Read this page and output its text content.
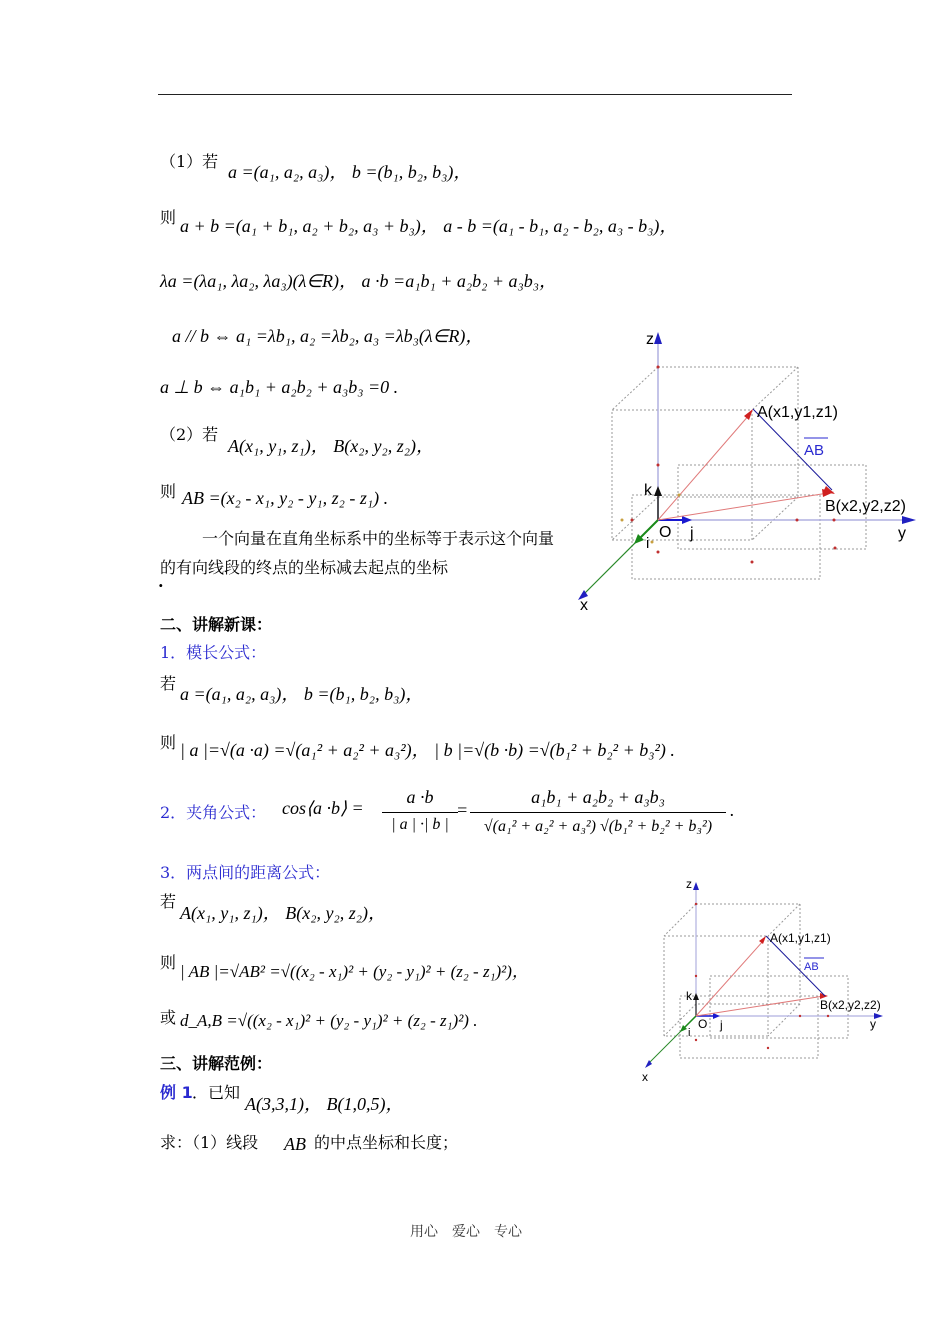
（1）若
a =(a₁, a₂, a₃)， b =(b₁, b₂, b₃)，
则 a + b =(a₁ + b₁, a₂ + b₂, a₃ + b₃)， a - b =(a₁ - b₁, a₂ - b₂, a₃ - b₃)，
λa =(λa₁, λa₂, λa₃)(λ∈R)， a ·b =a₁b₁ + a₂b₂ + a₃b₃，
a // b ⇔ a₁ =λb₁, a₂ =λb₂, a₃ =λb₃(λ∈R)，
a ⊥ b ⇔ a₁b₁ + a₂b₂ + a₃b₃ =0 .
（2）若
A(x₁, y₁, z₁)， B(x₂, y₂, z₂)，
则 AB =(x₂ - x₁, y₂ - y₁, z₂ - z₁) .
一个向量在直角坐标系中的坐标等于表示这个向量的有向线段的终点的坐标减去起点的坐标
.
z
y
x
O
i
j
k
A(x1,y1,z1)
B(x2,y2,z2)
AB
二、讲解新课：
1．模长公式：
若
a =(a₁, a₂, a₃)， b =(b₁, b₂, b₃)，
则 | a |=√(a ·a) =√(a₁² + a₂² + a₃²)， | b |=√(b ·b) =√(b₁² + b₂² + b₃²) .
2．夹角公式： cos⟨a ·b⟩ =
a ·b
| a | ·| b |
=
a₁b₁ + a₂b₂ + a₃b₃
√(a₁² + a₂² + a₃²) √(b₁² + b₂² + b₃²)
.
3．两点间的距离公式：
若
A(x₁, y₁, z₁)， B(x₂, y₂, z₂)，
则 | AB |=√AB² =√((x₂ - x₁)² + (y₂ - y₁)² + (z₂ - z₁)²)，
或 d_A,B =√((x₂ - x₁)² + (y₂ - y₁)² + (z₂ - z₁)²) .
z
y
x
O
i
j
k
A(x1,y1,z1)
B(x2,y2,z2)
AB
三、讲解范例：
例 1 ．已知
A(3,3,1)， B(1,0,5)，
求：（1）线段 AB 的中点坐标和长度；
用心　爱心　专心
